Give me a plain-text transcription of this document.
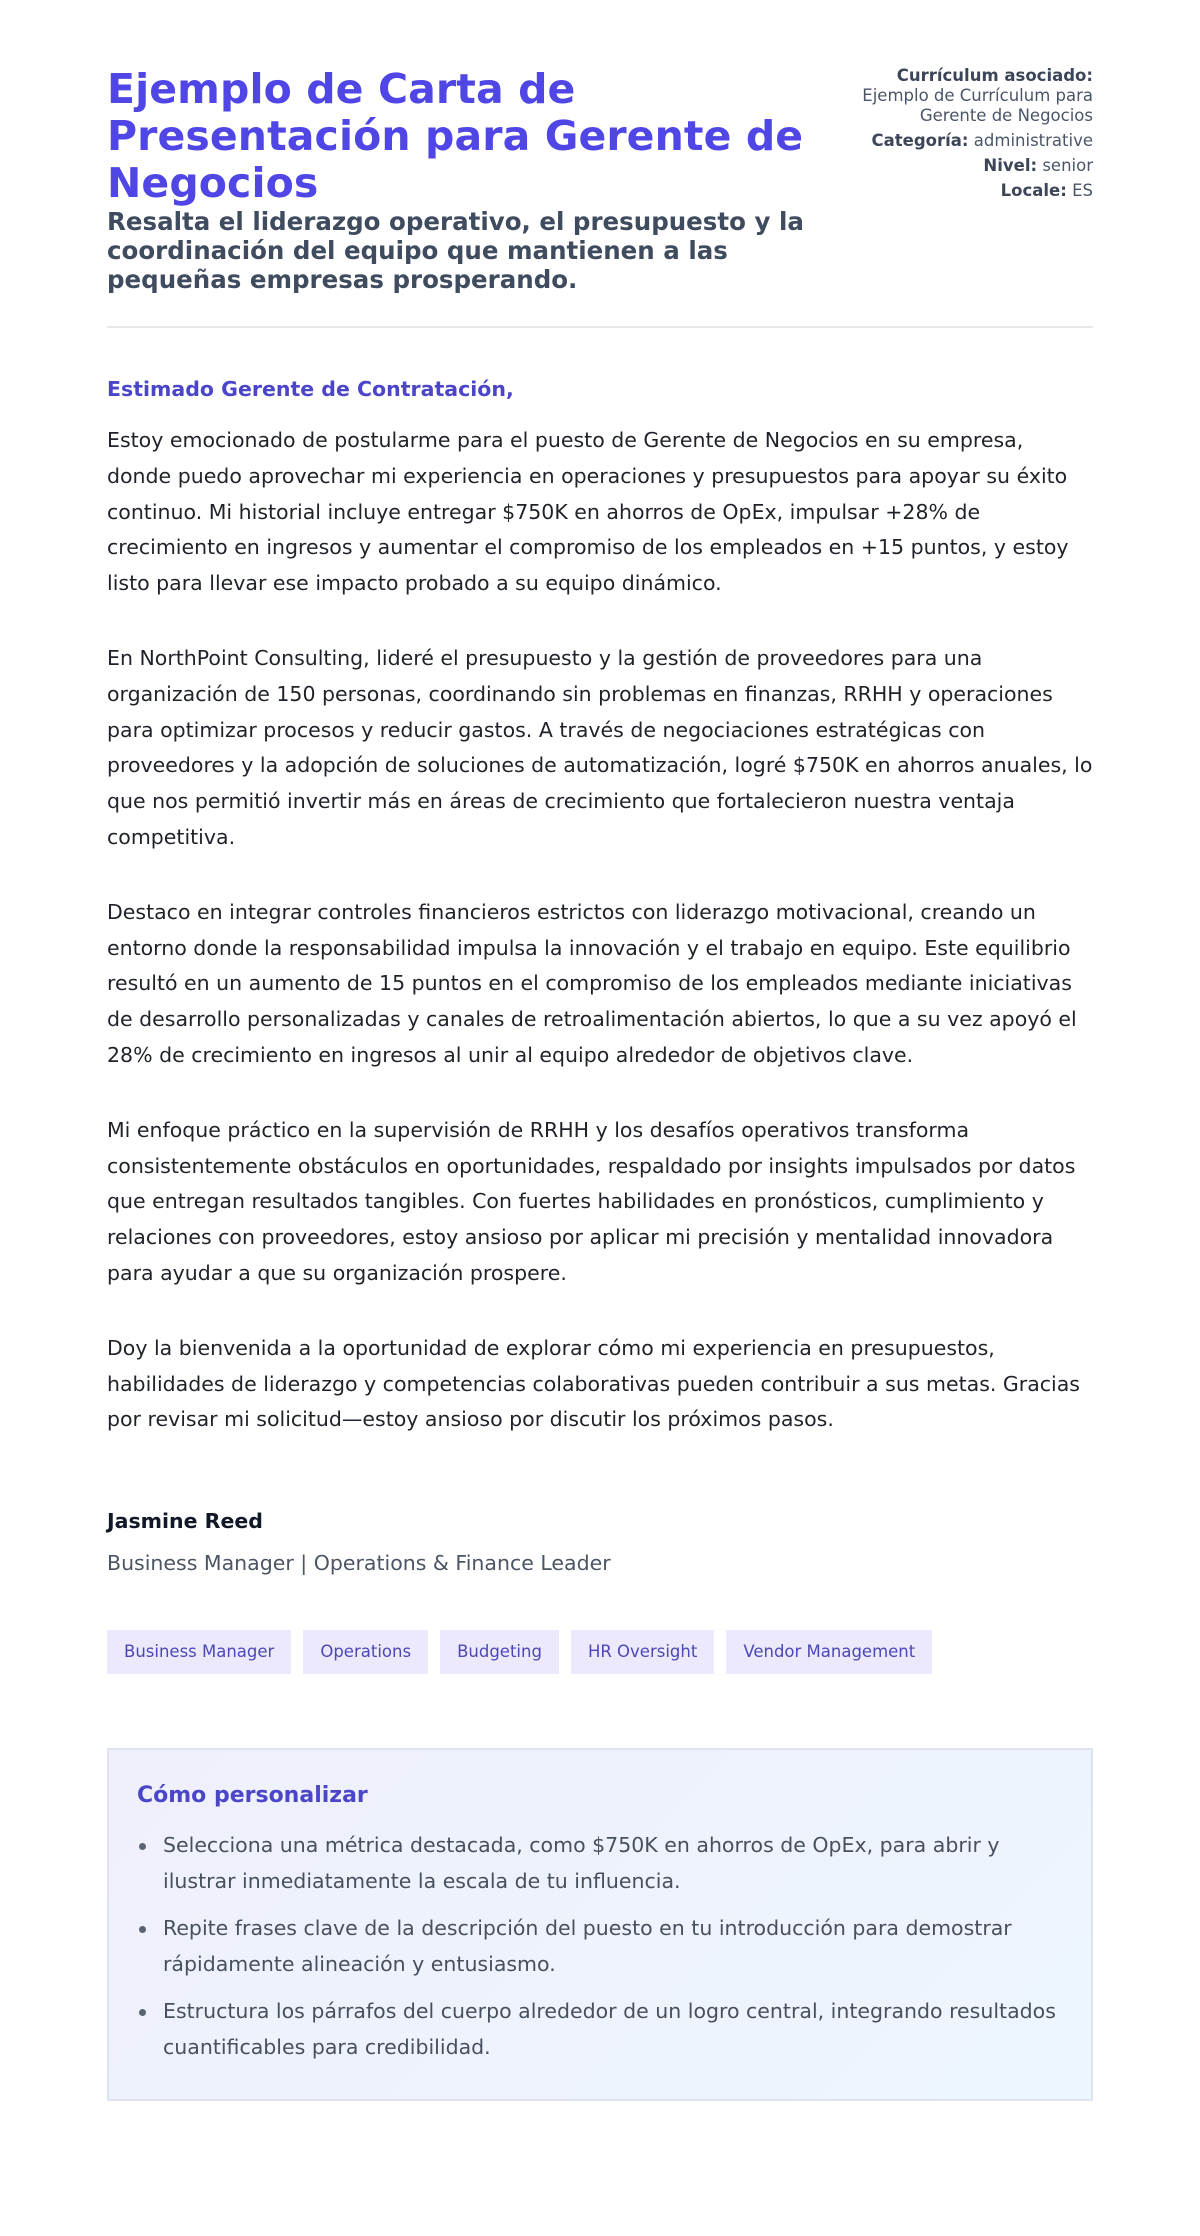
Ejemplo de Carta de Presentación para Gerente de Negocios

Resalta el liderazgo operativo, el presupuesto y la coordinación del equipo que mantienen a las pequeñas empresas prosperando.

Currículum asociado:
Ejemplo de Currículum para Gerente de Negocios
Categoría: administrative
Nivel: senior
Locale: ES
Estimado Gerente de Contratación,

Estoy emocionado de postularme para el puesto de Gerente de Negocios en su empresa, donde puedo aprovechar mi experiencia en operaciones y presupuestos para apoyar su éxito continuo. Mi historial incluye entregar $750K en ahorros de OpEx, impulsar +28% de crecimiento en ingresos y aumentar el compromiso de los empleados en +15 puntos, y estoy listo para llevar ese impacto probado a su equipo dinámico.

En NorthPoint Consulting, lideré el presupuesto y la gestión de proveedores para una organización de 150 personas, coordinando sin problemas en finanzas, RRHH y operaciones para optimizar procesos y reducir gastos. A través de negociaciones estratégicas con proveedores y la adopción de soluciones de automatización, logré $750K en ahorros anuales, lo que nos permitió invertir más en áreas de crecimiento que fortalecieron nuestra ventaja competitiva.

Destaco en integrar controles financieros estrictos con liderazgo motivacional, creando un entorno donde la responsabilidad impulsa la innovación y el trabajo en equipo. Este equilibrio resultó en un aumento de 15 puntos en el compromiso de los empleados mediante iniciativas de desarrollo personalizadas y canales de retroalimentación abiertos, lo que a su vez apoyó el 28% de crecimiento en ingresos al unir al equipo alrededor de objetivos clave.

Mi enfoque práctico en la supervisión de RRHH y los desafíos operativos transforma consistentemente obstáculos en oportunidades, respaldado por insights impulsados por datos que entregan resultados tangibles. Con fuertes habilidades en pronósticos, cumplimiento y relaciones con proveedores, estoy ansioso por aplicar mi precisión y mentalidad innovadora para ayudar a que su organización prospere.

Doy la bienvenida a la oportunidad de explorar cómo mi experiencia en presupuestos, habilidades de liderazgo y competencias colaborativas pueden contribuir a sus metas. Gracias por revisar mi solicitud—estoy ansioso por discutir los próximos pasos.

Jasmine Reed
Business Manager | Operations & Finance Leader
Business Manager	Operations	Budgeting	HR Oversight	Vendor Management
Cómo personalizar
Selecciona una métrica destacada, como $750K en ahorros de OpEx, para abrir y ilustrar inmediatamente la escala de tu influencia.
Repite frases clave de la descripción del puesto en tu introducción para demostrar rápidamente alineación y entusiasmo.
Estructura los párrafos del cuerpo alrededor de un logro central, integrando resultados cuantificables para credibilidad.
